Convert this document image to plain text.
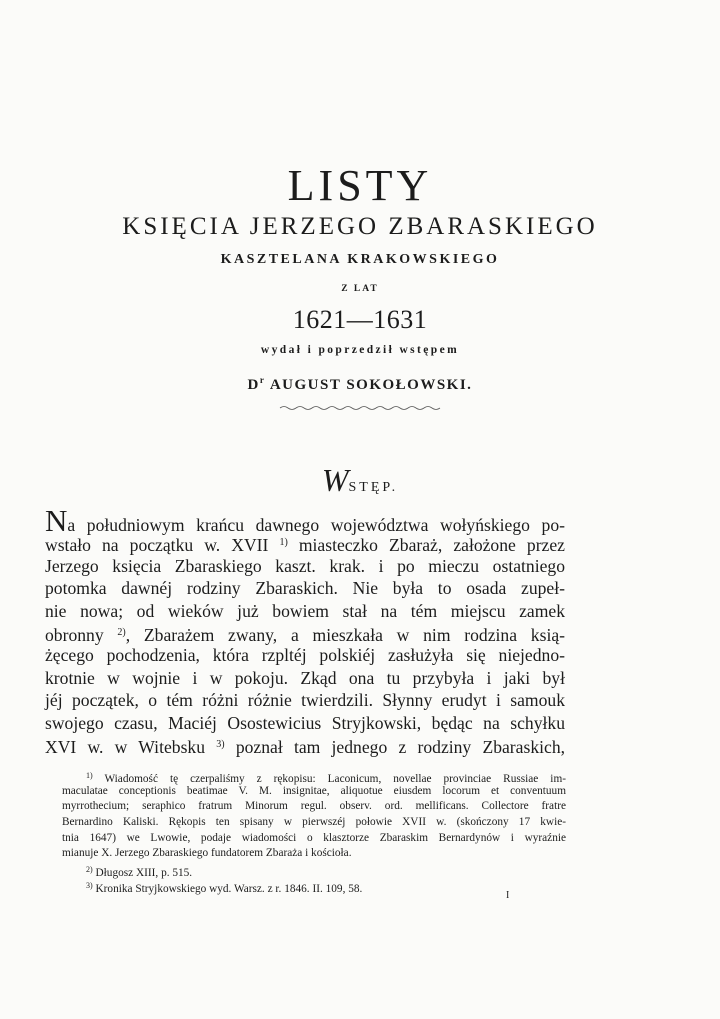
LISTY
KSIĘCIA JERZEGO ZBARASKIEGO
KASZTELANA KRAKOWSKIEGO
Z LAT
1621—1631
wydał i poprzedził wstępem
$D^r$ AUGUST SOKOŁOWSKI.
WSTĘP.
Na południowym krańcu dawnego województwa wołyńskiego po-
wstało na początku w. XVII $^{1)}$ miasteczko Zbaraż, założone przez
Jerzego księcia Zbaraskiego kaszt. krak. i po mieczu ostatniego
potomka dawnéj rodziny Zbaraskich. Nie była to osada zupeł-
nie nowa; od wieków już bowiem stał na tém miejscu zamek
obronny $^{2)}$, Zbarażem zwany, a mieszkała w nim rodzina ksią-
żęcego pochodzenia, która rzpltéj polskiéj zasłużyła się niejedno-
krotnie w wojnie i w pokoju. Zkąd ona tu przybyła i jaki był
jéj początek, o tém różni różnie twierdzili. Słynny erudyt i samouk
swojego czasu, Maciéj Osostewicius Stryjkowski, będąc na schyłku
XVI w. w Witebsku $^{3)}$ poznał tam jednego z rodziny Zbaraskich,
$^{1)}$ Wiadomość tę czerpaliśmy z rękopisu: Laconicum, novellae provinciae Russiae im-
maculatae conceptionis beatimae V. M. insignitae, aliquotue eiusdem locorum et conventuum
myrrothecium; seraphico fratrum Minorum regul. observ. ord. mellificans. Collectore fratre
Bernardino Kaliski. Rękopis ten spisany w pierwszéj połowie XVII w. (skończony 17 kwie-
tnia 1647) we Lwowie, podaje wiadomości o klasztorze Zbaraskim Bernardynów i wyraźnie
mianuje X. Jerzego Zbaraskiego fundatorem Zbaraża i kościoła.
$^{2)}$ Długosz XIII, p. 515.
$^{3)}$ Kronika Stryjkowskiego wyd. Warsz. z r. 1846. II. 109, 58.
I
